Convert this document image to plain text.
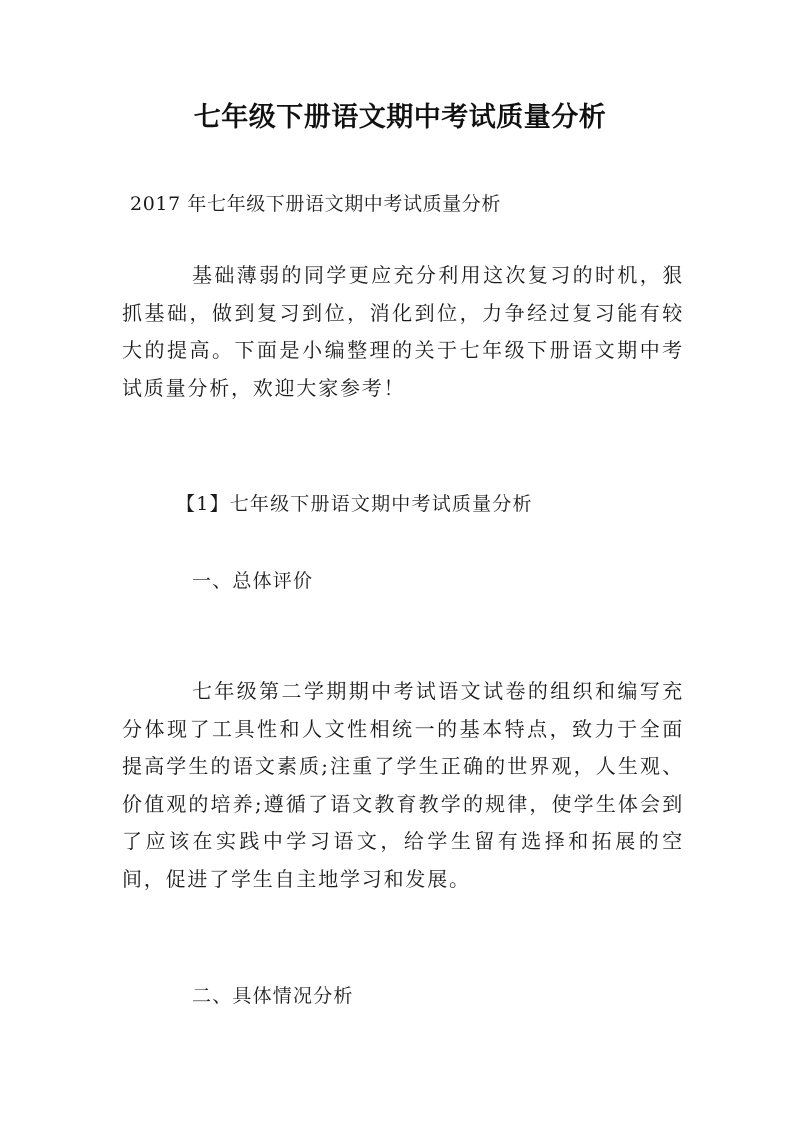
七年级下册语文期中考试质量分析
2017 年七年级下册语文期中考试质量分析

基础薄弱的同学更应充分利用这次复习的时机，狠抓基础，做到复习到位，消化到位，力争经过复习能有较大的提高。下面是小编整理的关于七年级下册语文期中考试质量分析，欢迎大家参考！

【1】七年级下册语文期中考试质量分析
一、总体评价

七年级第二学期期中考试语文试卷的组织和编写充分体现了工具性和人文性相统一的基本特点，致力于全面提高学生的语文素质;注重了学生正确的世界观，人生观、价值观的培养;遵循了语文教育教学的规律，使学生体会到了应该在实践中学习语文，给学生留有选择和拓展的空间，促进了学生自主地学习和发展。

二、具体情况分析
